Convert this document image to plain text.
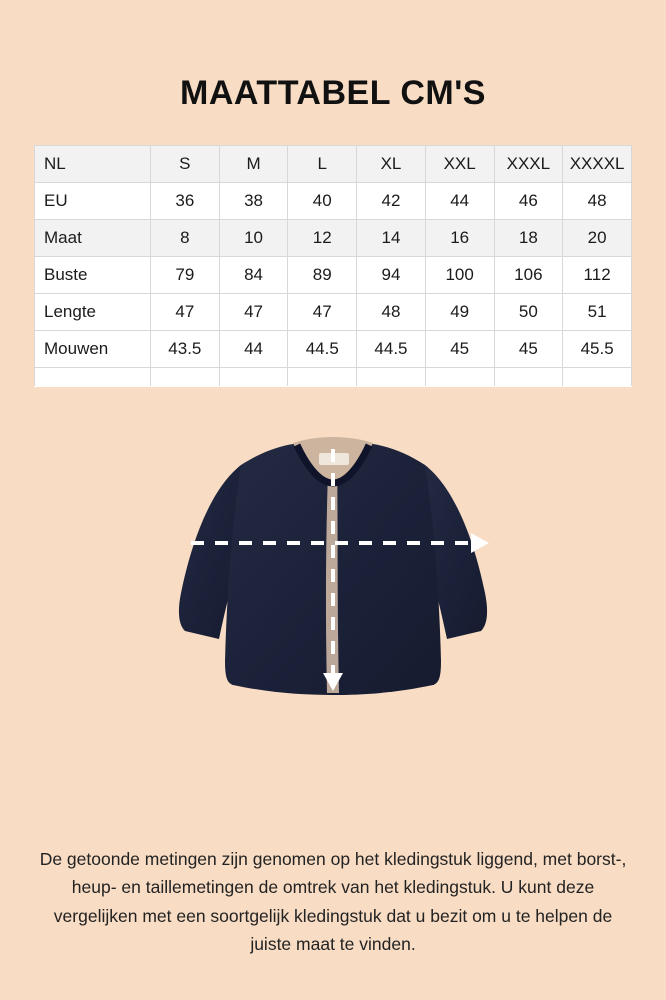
MAATTABEL CM'S
NL	S	M	L	XL	XXL	XXXL	XXXXL
EU	36	38	40	42	44	46	48
Maat	8	10	12	14	16	18	20
Buste	79	84	89	94	100	106	112
Lengte	47	47	47	48	49	50	51
Mouwen	43.5	44	44.5	44.5	45	45	45.5

De getoonde metingen zijn genomen op het kledingstuk liggend, met borst-, heup- en taillemetingen de omtrek van het kledingstuk. U kunt deze vergelijken met een soortgelijk kledingstuk dat u bezit om u te helpen de juiste maat te vinden.
